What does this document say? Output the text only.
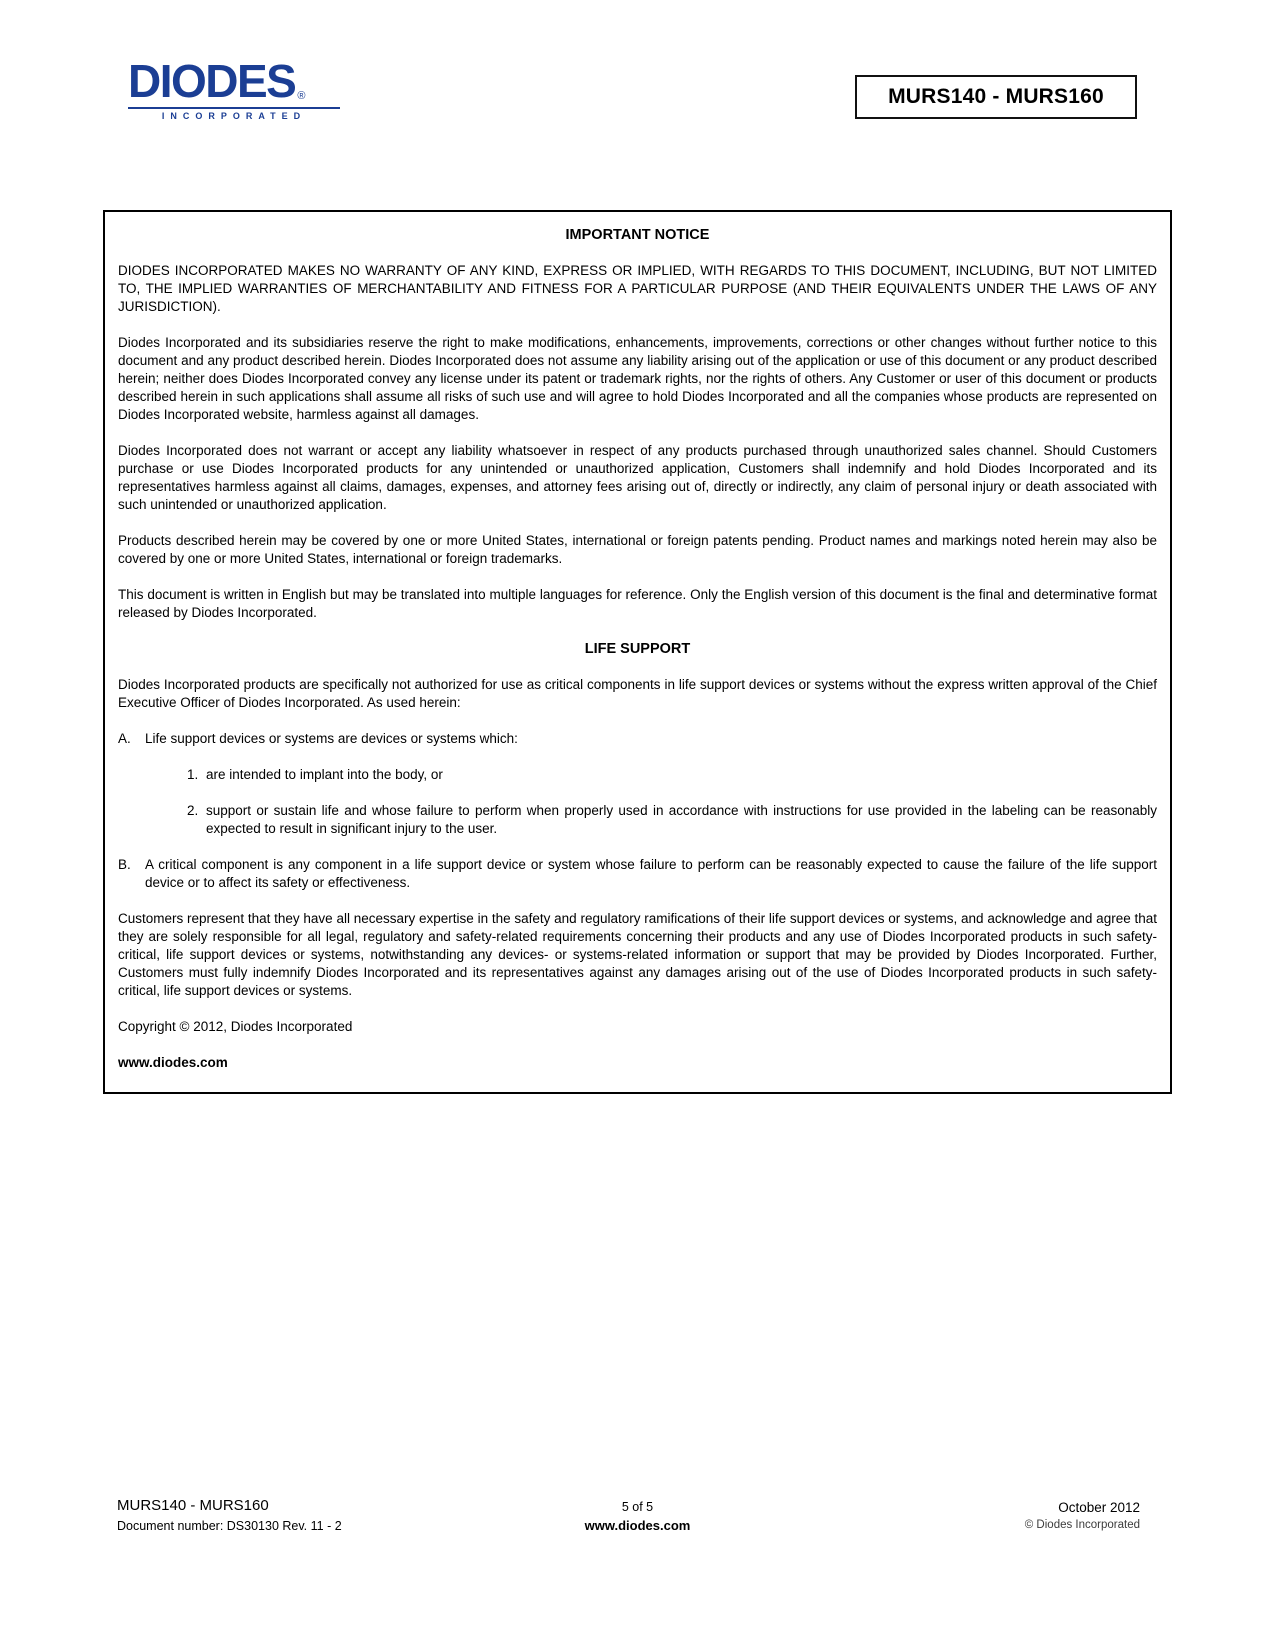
DIODES ®
INCORPORATED
MURS140 - MURS160
IMPORTANT NOTICE

DIODES INCORPORATED MAKES NO WARRANTY OF ANY KIND, EXPRESS OR IMPLIED, WITH REGARDS TO THIS DOCUMENT, INCLUDING, BUT NOT LIMITED TO, THE IMPLIED WARRANTIES OF MERCHANTABILITY AND FITNESS FOR A PARTICULAR PURPOSE (AND THEIR EQUIVALENTS UNDER THE LAWS OF ANY JURISDICTION).

Diodes Incorporated and its subsidiaries reserve the right to make modifications, enhancements, improvements, corrections or other changes without further notice to this document and any product described herein. Diodes Incorporated does not assume any liability arising out of the application or use of this document or any product described herein; neither does Diodes Incorporated convey any license under its patent or trademark rights, nor the rights of others. Any Customer or user of this document or products described herein in such applications shall assume all risks of such use and will agree to hold Diodes Incorporated and all the companies whose products are represented on Diodes Incorporated website, harmless against all damages.

Diodes Incorporated does not warrant or accept any liability whatsoever in respect of any products purchased through unauthorized sales channel. Should Customers purchase or use Diodes Incorporated products for any unintended or unauthorized application, Customers shall indemnify and hold Diodes Incorporated and its representatives harmless against all claims, damages, expenses, and attorney fees arising out of, directly or indirectly, any claim of personal injury or death associated with such unintended or unauthorized application.

Products described herein may be covered by one or more United States, international or foreign patents pending. Product names and markings noted herein may also be covered by one or more United States, international or foreign trademarks.

This document is written in English but may be translated into multiple languages for reference. Only the English version of this document is the final and determinative format released by Diodes Incorporated.

LIFE SUPPORT

Diodes Incorporated products are specifically not authorized for use as critical components in life support devices or systems without the express written approval of the Chief Executive Officer of Diodes Incorporated. As used herein:

A.	Life support devices or systems are devices or systems which:
1. are intended to implant into the body, or
2. support or sustain life and whose failure to perform when properly used in accordance with instructions for use provided in the labeling can be reasonably expected to result in significant injury to the user.
B.	A critical component is any component in a life support device or system whose failure to perform can be reasonably expected to cause the failure of the life support device or to affect its safety or effectiveness.

Customers represent that they have all necessary expertise in the safety and regulatory ramifications of their life support devices or systems, and acknowledge and agree that they are solely responsible for all legal, regulatory and safety-related requirements concerning their products and any use of Diodes Incorporated products in such safety-critical, life support devices or systems, notwithstanding any devices- or systems-related information or support that may be provided by Diodes Incorporated. Further, Customers must fully indemnify Diodes Incorporated and its representatives against any damages arising out of the use of Diodes Incorporated products in such safety-critical, life support devices or systems.

Copyright © 2012, Diodes Incorporated

www.diodes.com

MURS140 - MURS160
Document number: DS30130 Rev. 11 - 2
5 of 5
www.diodes.com
October 2012
© Diodes Incorporated
